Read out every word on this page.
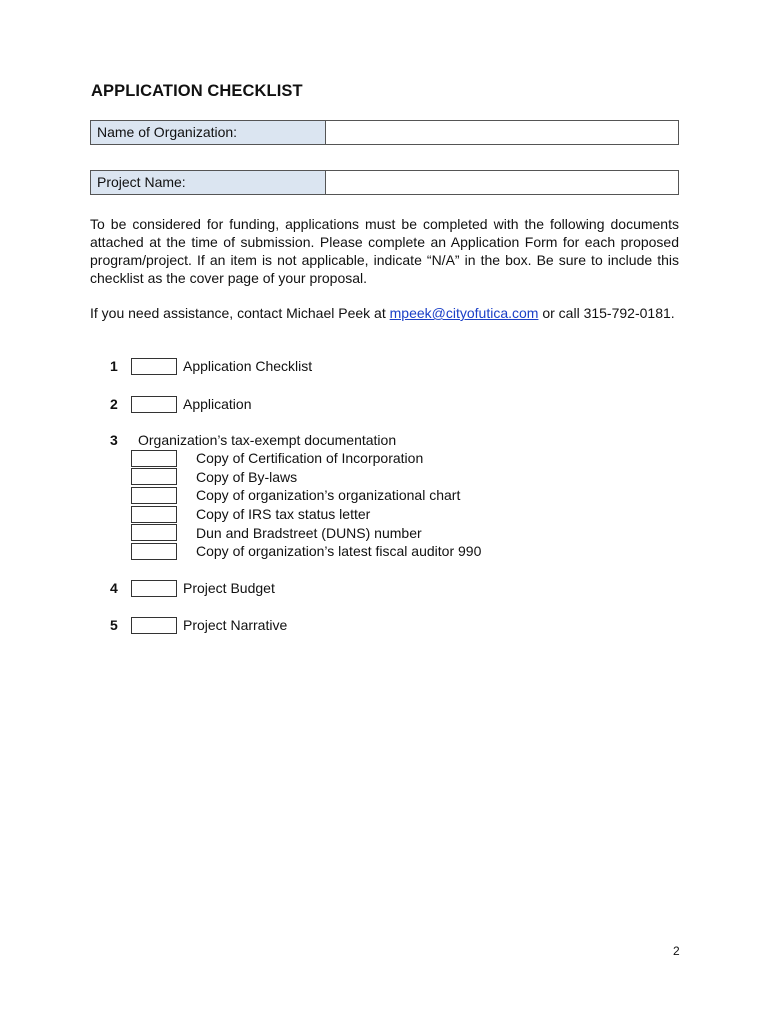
APPLICATION CHECKLIST
Name of Organization:
Project Name:

To be considered for funding, applications must be completed with the following documents attached at the time of submission. Please complete an Application Form for each proposed program/project. If an item is not applicable, indicate “N/A” in the box. Be sure to include this checklist as the cover page of your proposal.

If you need assistance, contact Michael Peek at mpeek@cityofutica.com or call 315-792-0181.

1	Application Checklist
2	Application
3 Organization’s tax-exempt documentation
Copy of Certification of Incorporation
Copy of By-laws
Copy of organization’s organizational chart
Copy of IRS tax status letter
Dun and Bradstreet (DUNS) number
Copy of organization’s latest fiscal auditor 990
4	Project Budget
5	Project Narrative
2
